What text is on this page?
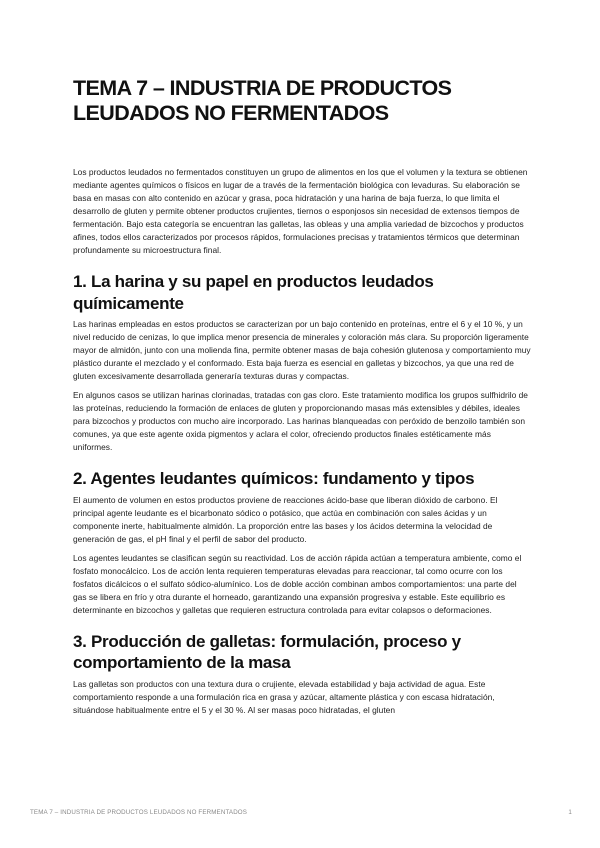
TEMA 7 – INDUSTRIA DE PRODUCTOS
LEUDADOS NO FERMENTADOS

Los productos leudados no fermentados constituyen un grupo de alimentos en los que el volumen y la textura se obtienen mediante agentes químicos o físicos en lugar de a través de la fermentación biológica con levaduras. Su elaboración se basa en masas con alto contenido en azúcar y grasa, poca hidratación y una harina de baja fuerza, lo que limita el desarrollo de gluten y permite obtener productos crujientes, tiernos o esponjosos sin necesidad de extensos tiempos de fermentación. Bajo esta categoría se encuentran las galletas, las obleas y una amplia variedad de bizcochos y productos afines, todos ellos caracterizados por procesos rápidos, formulaciones precisas y tratamientos térmicos que determinan profundamente su microestructura final.

1. La harina y su papel en productos leudados químicamente

Las harinas empleadas en estos productos se caracterizan por un bajo contenido en proteínas, entre el 6 y el 10 %, y un nivel reducido de cenizas, lo que implica menor presencia de minerales y coloración más clara. Su proporción ligeramente mayor de almidón, junto con una molienda fina, permite obtener masas de baja cohesión glutenosa y comportamiento muy plástico durante el mezclado y el conformado. Esta baja fuerza es esencial en galletas y bizcochos, ya que una red de gluten excesivamente desarrollada generaría texturas duras y compactas.

En algunos casos se utilizan harinas clorinadas, tratadas con gas cloro. Este tratamiento modifica los grupos sulfhidrilo de las proteínas, reduciendo la formación de enlaces de gluten y proporcionando masas más extensibles y débiles, ideales para bizcochos y productos con mucho aire incorporado. Las harinas blanqueadas con peróxido de benzoilo también son comunes, ya que este agente oxida pigmentos y aclara el color, ofreciendo productos finales estéticamente más uniformes.

2. Agentes leudantes químicos: fundamento y tipos

El aumento de volumen en estos productos proviene de reacciones ácido-base que liberan dióxido de carbono. El principal agente leudante es el bicarbonato sódico o potásico, que actúa en combinación con sales ácidas y un componente inerte, habitualmente almidón. La proporción entre las bases y los ácidos determina la velocidad de generación de gas, el pH final y el perfil de sabor del producto.

Los agentes leudantes se clasifican según su reactividad. Los de acción rápida actúan a temperatura ambiente, como el fosfato monocálcico. Los de acción lenta requieren temperaturas elevadas para reaccionar, tal como ocurre con los fosfatos dicálcicos o el sulfato sódico-alumínico. Los de doble acción combinan ambos comportamientos: una parte del gas se libera en frío y otra durante el horneado, garantizando una expansión progresiva y estable. Este equilibrio es determinante en bizcochos y galletas que requieren estructura controlada para evitar colapsos o deformaciones.

3. Producción de galletas: formulación, proceso y comportamiento de la masa

Las galletas son productos con una textura dura o crujiente, elevada estabilidad y baja actividad de agua. Este comportamiento responde a una formulación rica en grasa y azúcar, altamente plástica y con escasa hidratación, situándose habitualmente entre el 5 y el 30 %. Al ser masas poco hidratadas, el gluten

TEMA 7 – INDUSTRIA DE PRODUCTOS LEUDADOS NO FERMENTADOS	1
